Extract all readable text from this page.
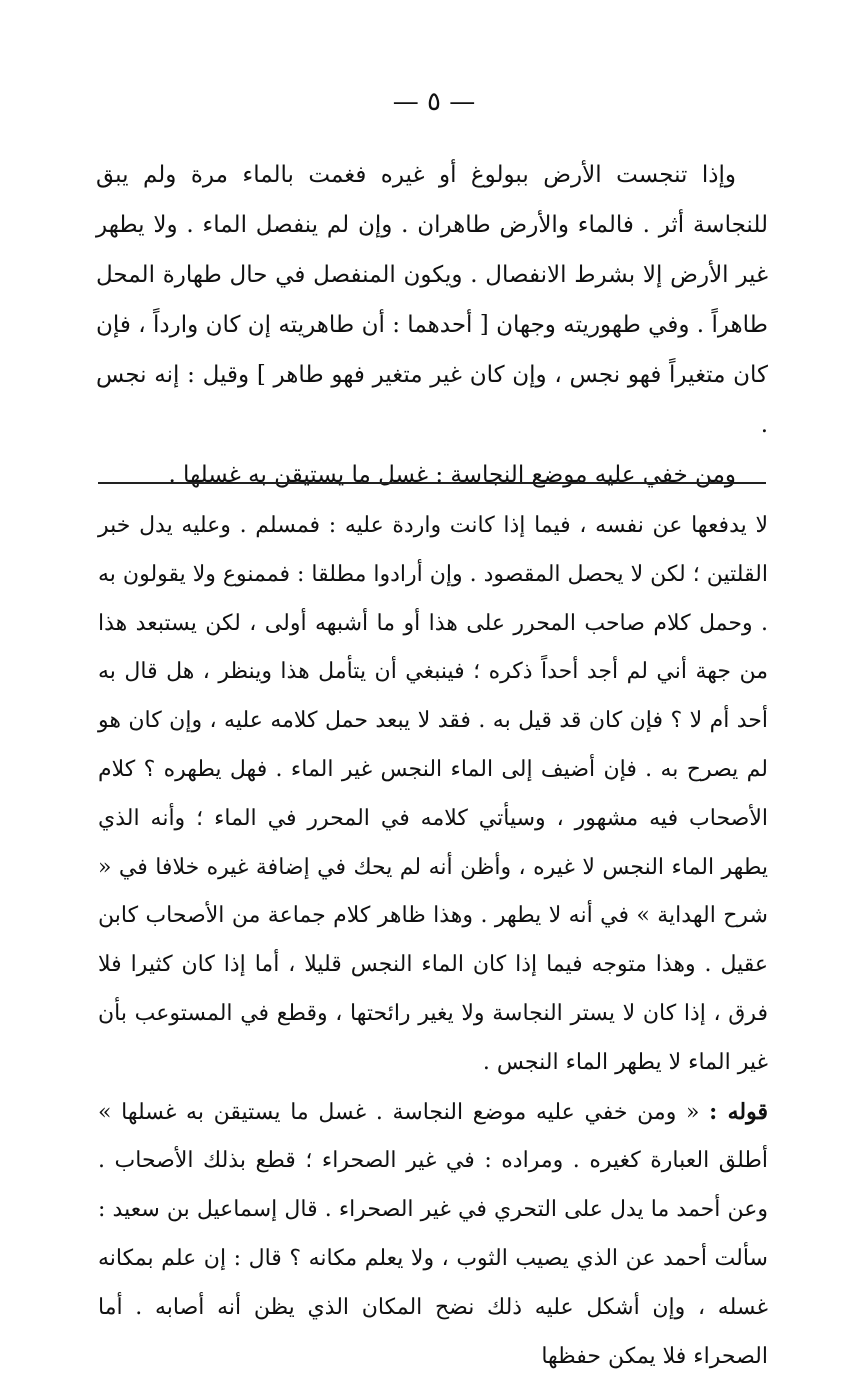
— ٥ —

وإذا تنجست الأرض ببولوغ أو غيره فغمت بالماء مرة ولم يبق للنجاسة أثر . فالماء والأرض طاهران . وإن لم ينفصل الماء . ولا يطهر غير الأرض إلا بشرط الانفصال . ويكون المنفصل في حال طهارة المحل طاهراً . وفي طهوريته وجهان [ أحدهما : أن طاهريته إن كان وارداً ، فإن كان متغيراً فهو نجس ، وإن كان غير متغير فهو طاهر ] وقيل : إنه نجس .

ومن خفي عليه موضع النجاسة : غسل ما يستيقن به غسلها .

لا يدفعها عن نفسه ، فيما إذا كانت واردة عليه : فمسلم . وعليه يدل خبر القلتين ؛ لكن لا يحصل المقصود . وإن أرادوا مطلقا : فممنوع ولا يقولون به . وحمل كلام صاحب المحرر على هذا أو ما أشبهه أولى ، لكن يستبعد هذا من جهة أني لم أجد أحداً ذكره ؛ فينبغي أن يتأمل هذا وينظر ، هل قال به أحد أم لا ؟ فإن كان قد قيل به . فقد لا يبعد حمل كلامه عليه ، وإن كان هو لم يصرح به . فإن أضيف إلى الماء النجس غير الماء . فهل يطهره ؟ كلام الأصحاب فيه مشهور ، وسيأتي كلامه في المحرر في الماء ؛ وأنه الذي يطهر الماء النجس لا غيره ، وأظن أنه لم يحك في إضافة غيره خلافا في « شرح الهداية » في أنه لا يطهر . وهذا ظاهر كلام جماعة من الأصحاب كابن عقيل . وهذا متوجه فيما إذا كان الماء النجس قليلا ، أما إذا كان كثيرا فلا فرق ، إذا كان لا يستر النجاسة ولا يغير رائحتها ، وقطع في المستوعب بأن غير الماء لا يطهر الماء النجس .

قوله : « ومن خفي عليه موضع النجاسة . غسل ما يستيقن به غسلها » أطلق العبارة كغيره . ومراده : في غير الصحراء ؛ قطع بذلك الأصحاب . وعن أحمد ما يدل على التحري في غير الصحراء . قال إسماعيل بن سعيد : سألت أحمد عن الذي يصيب الثوب ، ولا يعلم مكانه ؟ قال : إن علم بمكانه غسله ، وإن أشكل عليه ذلك نضح المكان الذي يظن أنه أصابه . أما الصحراء فلا يمكن حفظها
